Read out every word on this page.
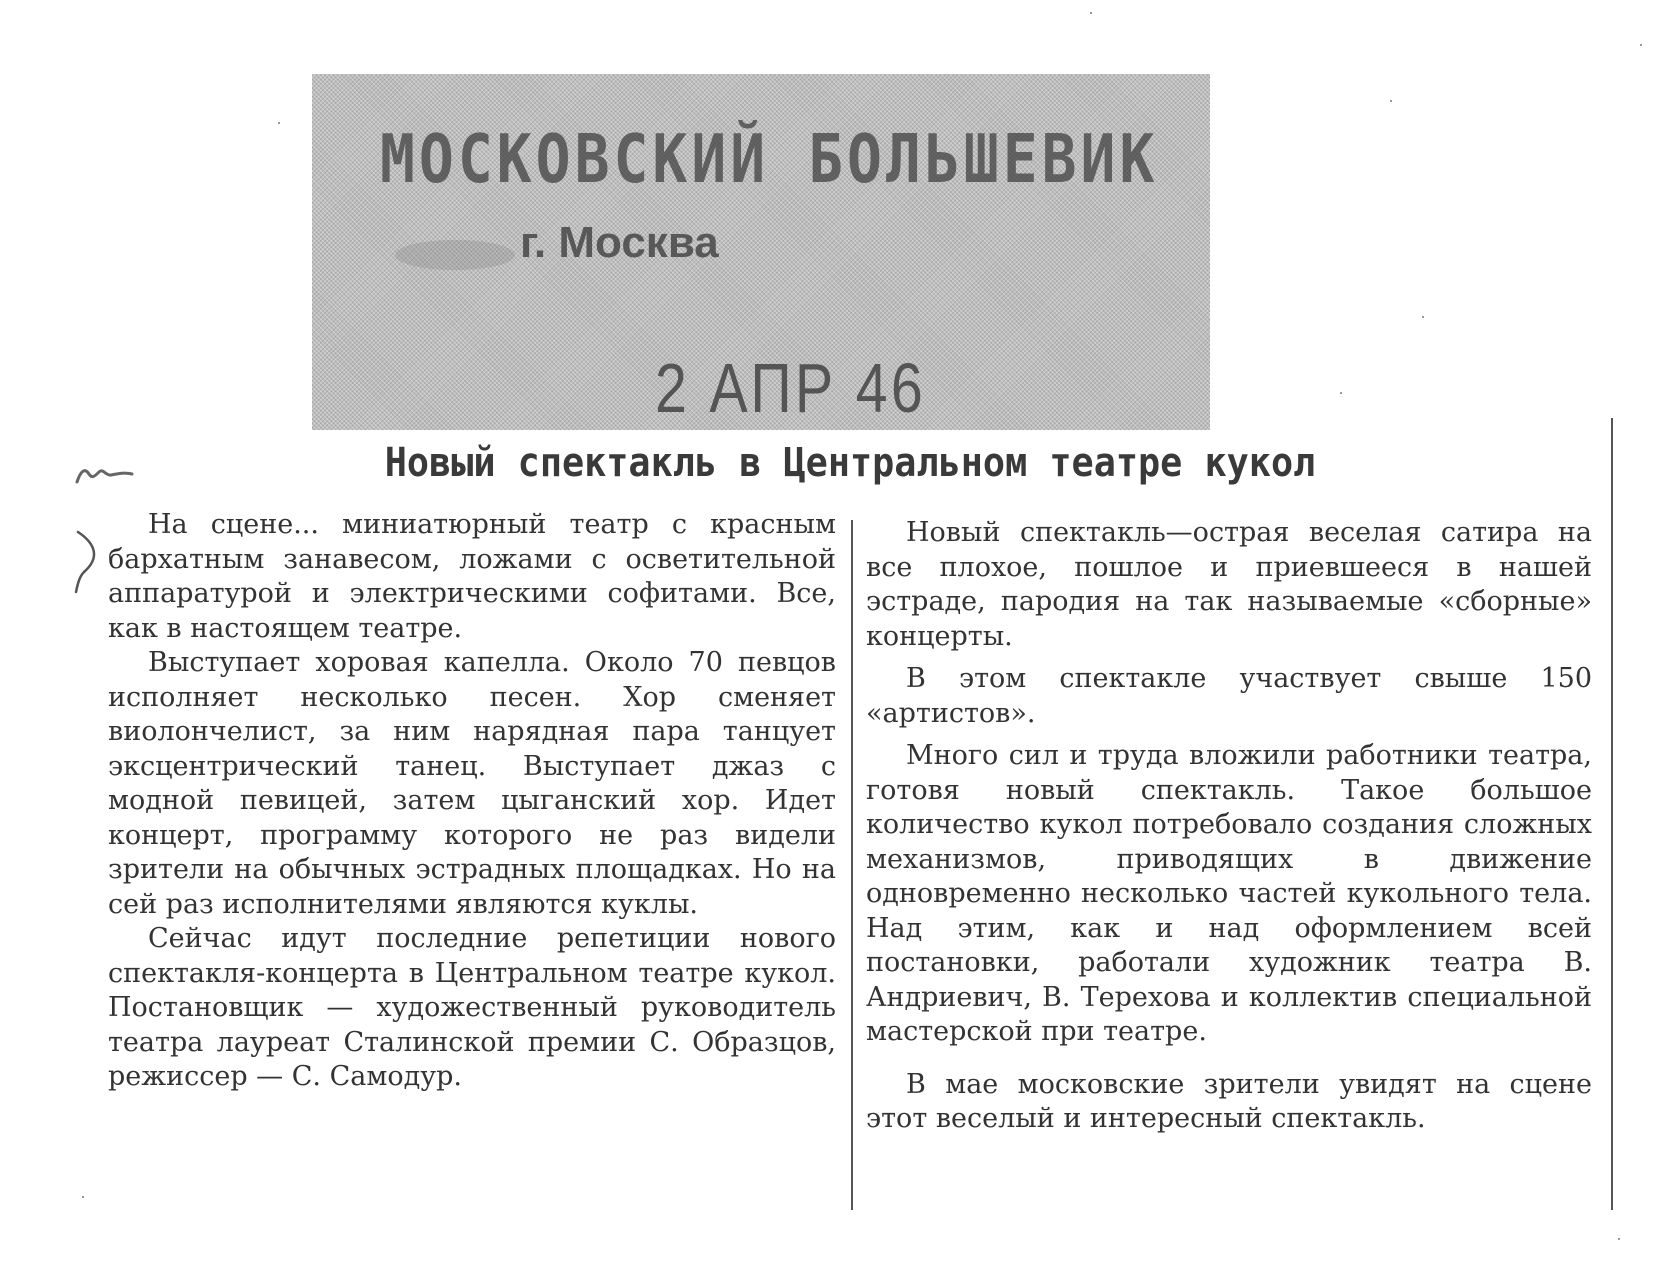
МОСКОВСКИЙ БОЛЬШЕВИК
г. Москва
2 АПР 46
Новый спектакль в Центральном театре кукол

На сцене... миниатюрный театр с красным бархатным занавесом, ложами с осветительной аппаратурой и электрическими софитами. Все, как в настоящем театре.

Выступает хоровая капелла. Около 70 певцов исполняет несколько песен. Хор сменяет виолончелист, за ним нарядная пара танцует эксцентрический танец. Выступает джаз с модной певицей, затем цыганский хор. Идет концерт, программу которого не раз видели зрители на обычных эстрадных площадках. Но на сей раз исполнителями являются куклы.

Сейчас идут последние репетиции нового спектакля-концерта в Центральном театре кукол. Постановщик — художественный руководитель театра лауреат Сталинской премии С. Образцов, режиссер — С. Самодур.

Новый спектакль—острая веселая сатира на все плохое, пошлое и приевшееся в нашей эстраде, пародия на так называемые «сборные» концерты.

В этом спектакле участвует свыше 150 «артистов».

Много сил и труда вложили работники театра, готовя новый спектакль. Такое большое количество кукол потребовало создания сложных механизмов, приводящих в движение одновременно несколько частей кукольного тела. Над этим, как и над оформлением всей постановки, работали художник театра В. Андриевич, В. Терехова и коллектив специальной мастерской при театре.

В мае московские зрители увидят на сцене этот веселый и интересный спектакль.
